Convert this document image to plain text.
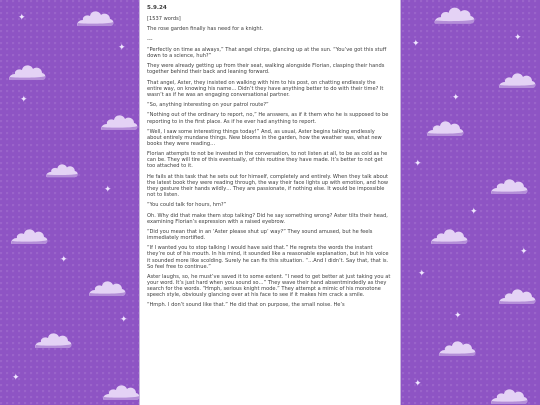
✦
✦
✦
✦
✦
✦
✦
✦
✦
✦
✦
✦
✦
✦
✦
✦

5.9.24

[1537 words]

The rose garden finally has need for a knight.

---

“Perfectly on time as always,” That angel chirps, glancing up at the sun. “You’ve got this stuff down to a science, huh?”

They were already getting up from their seat, walking alongside Florian, clasping their hands together behind their back and leaning forward.

That angel, Aster, they insisted on walking with him to his post, on chatting endlessly the entire way, on knowing his name… Didn’t they have anything better to do with their time? It wasn’t as if he was an engaging conversational partner.

“So, anything interesting on your patrol route?”

“Nothing out of the ordinary to report, no,” He answers, as if it them who he is supposed to be reporting to in the first place. As if he ever had anything to report.

“Well, I saw some interesting things today!” And, as usual, Aster begins talking endlessly about entirely mundane things. New blooms in the garden, how the weather was, what new books they were reading…

Florian attempts to not be invested in the conversation, to not listen at all, to be as cold as he can be. They will tire of this eventually, of this routine they have made. It’s better to not get too attached to it.

He fails at this task that he sets out for himself, completely and entirely. When they talk about the latest book they were reading through, the way their face lights up with emotion, and how they gesture their hands wildly… They are passionate, if nothing else. It would be impossible not to listen.

“You could talk for hours, hm?”

Oh. Why did that make them stop talking? Did he say something wrong? Aster tilts their head, examining Florian’s expression with a raised eyebrow.

“Did you mean that in an ‘Aster please shut up’ way?” They sound amused, but he feels immediately mortified.

“If I wanted you to stop talking I would have said that.” He regrets the words the instant they’re out of his mouth. In his mind, it sounded like a reasonable explanation, but in his voice it sounded more like scolding. Surely he can fix this situation. “…And I didn’t. Say that, that is. So feel free to continue.”

Aster laughs, so, he must’ve saved it to some extent. “I need to get better at just taking you at your word. It’s just hard when you sound so…” They wave their hand absentmindedly as they search for the words. “Hmph, serious knight mode.” They attempt a mimic of his monotone speech style, obviously glancing over at his face to see if it makes him crack a smile.

“Hmph. I don’t sound like that.” He did that on purpose, the small noise. He’s
